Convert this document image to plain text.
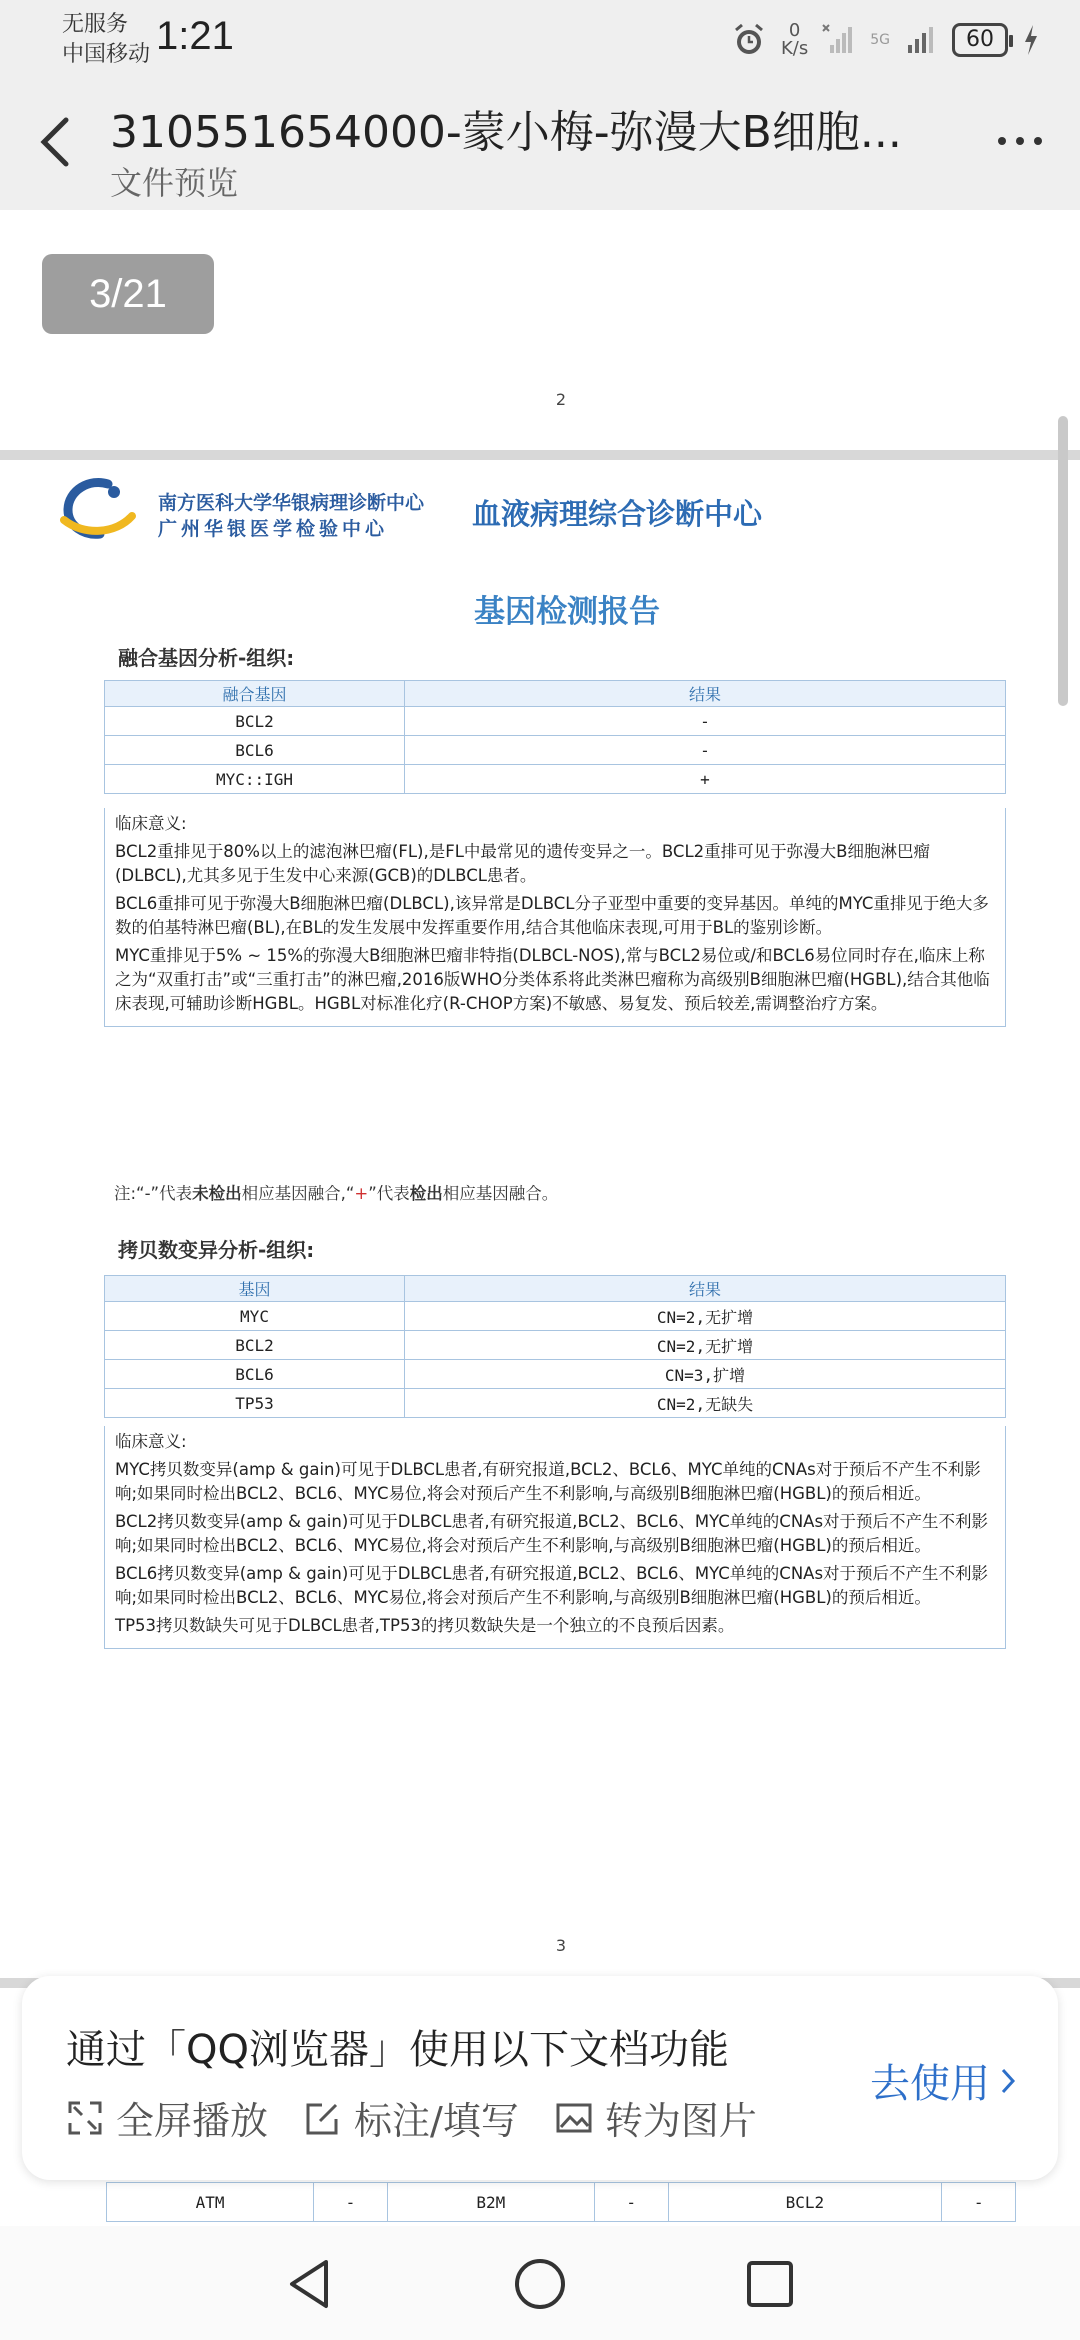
无服务
中国移动 1:21	0
K/s	5G	60
310551654000-蒙小梅-弥漫大B细胞...
文件预览
3/21
2
南方医科大学华银病理诊断中心
广州华银医学检验中心	血液病理综合诊断中心
基因检测报告
融合基因分析-组织:
融合基因	结果
BCL2	-
BCL6	-
MYC::IGH	+
临床意义:

BCL2重排见于80%以上的滤泡淋巴瘤(FL),是FL中最常见的遗传变异之一。BCL2重排可见于弥漫大B细胞淋巴瘤(DLBCL),尤其多见于生发中心来源(GCB)的DLBCL患者。

BCL6重排可见于弥漫大B细胞淋巴瘤(DLBCL),该异常是DLBCL分子亚型中重要的变异基因。单纯的MYC重排见于绝大多数的伯基特淋巴瘤(BL),在BL的发生发展中发挥重要作用,结合其他临床表现,可用于BL的鉴别诊断。

MYC重排见于5% ~ 15%的弥漫大B细胞淋巴瘤非特指(DLBCL-NOS),常与BCL2易位或/和BCL6易位同时存在,临床上称之为“双重打击”或“三重打击”的淋巴瘤,2016版WHO分类体系将此类淋巴瘤称为高级别B细胞淋巴瘤(HGBL),结合其他临床表现,可辅助诊断HGBL。HGBL对标准化疗(R-CHOP方案)不敏感、易复发、预后较差,需调整治疗方案。

注:“-”代表未检出相应基因融合,“+”代表检出相应基因融合。
拷贝数变异分析-组织:
基因	结果
MYC	CN=2,无扩增
BCL2	CN=2,无扩增
BCL6	CN=3,扩增
TP53	CN=2,无缺失
临床意义:

MYC拷贝数变异(amp & gain)可见于DLBCL患者,有研究报道,BCL2、BCL6、MYC单纯的CNAs对于预后不产生不利影响;如果同时检出BCL2、BCL6、MYC易位,将会对预后产生不利影响,与高级别B细胞淋巴瘤(HGBL)的预后相近。

BCL2拷贝数变异(amp & gain)可见于DLBCL患者,有研究报道,BCL2、BCL6、MYC单纯的CNAs对于预后不产生不利影响;如果同时检出BCL2、BCL6、MYC易位,将会对预后产生不利影响,与高级别B细胞淋巴瘤(HGBL)的预后相近。

BCL6拷贝数变异(amp & gain)可见于DLBCL患者,有研究报道,BCL2、BCL6、MYC单纯的CNAs对于预后不产生不利影响;如果同时检出BCL2、BCL6、MYC易位,将会对预后产生不利影响,与高级别B细胞淋巴瘤(HGBL)的预后相近。

TP53拷贝数缺失可见于DLBCL患者,TP53的拷贝数缺失是一个独立的不良预后因素。

3
ATM	-	B2M	-	BCL2	-
通过「QQ浏览器」使用以下文档功能
全屏播放 标注/填写 转为图片
去使用
